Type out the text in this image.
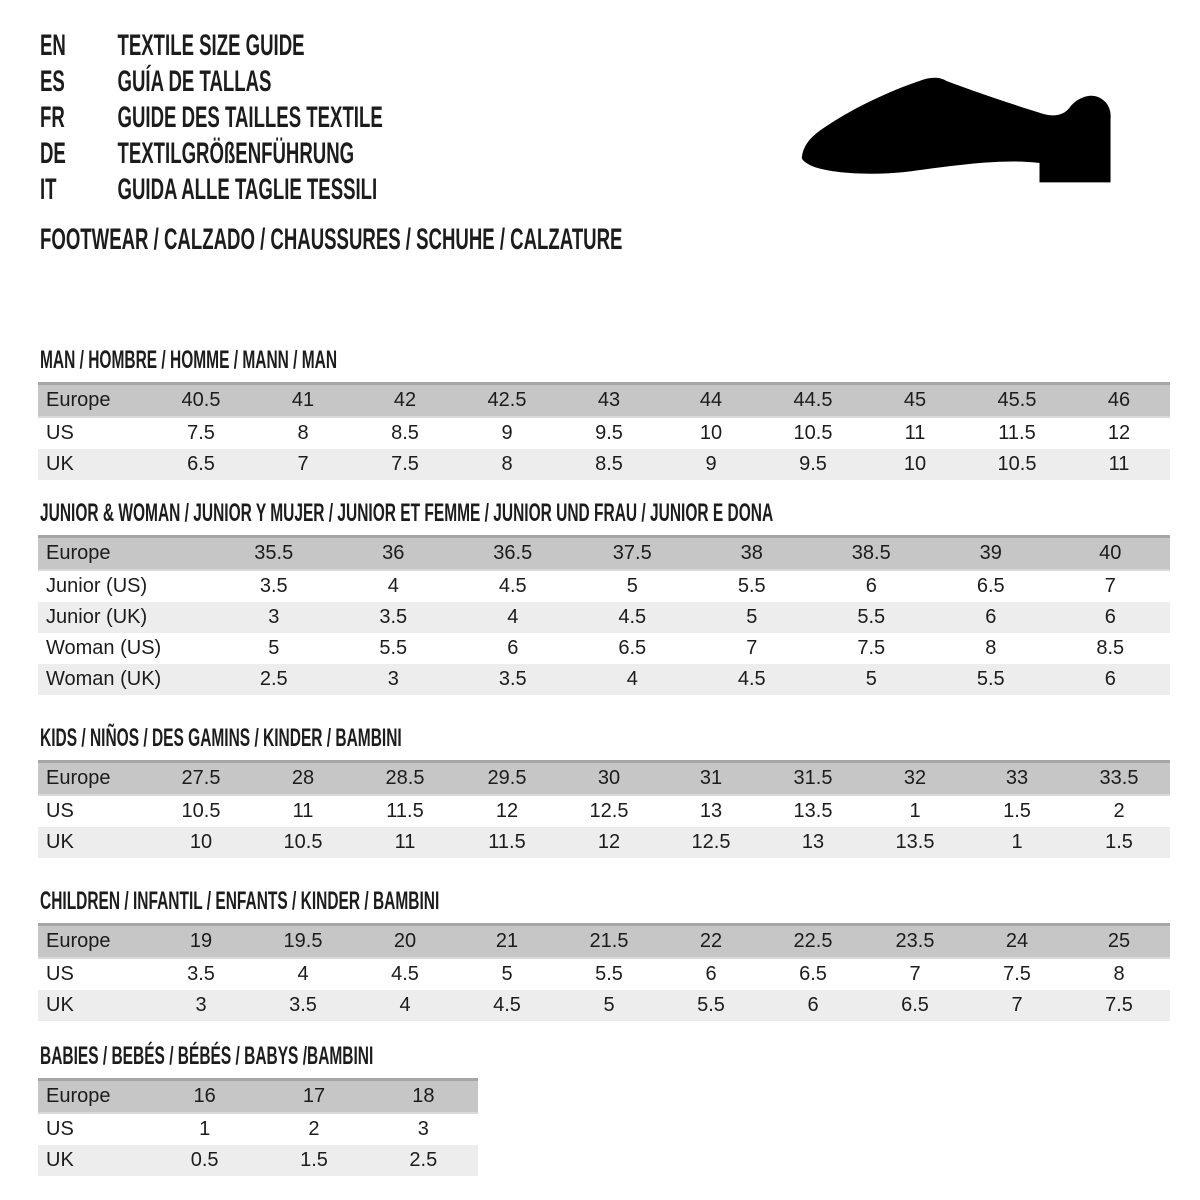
EN TEXTILE SIZE GUIDE
ES GUÍA DE TALLAS
FR GUIDE DES TAILLES TEXTILE
DE TEXTILGRÖßENFÜHRUNG
IT GUIDA ALLE TAGLIE TESSILI
FOOTWEAR / CALZADO / CHAUSSURES / SCHUHE / CALZATURE
MAN / HOMBRE / HOMME / MANN / MAN
Europe	40.5	41	42	42.5	43	44	44.5	45	45.5	46
US	7.5	8	8.5	9	9.5	10	10.5	11	11.5	12
UK	6.5	7	7.5	8	8.5	9	9.5	10	10.5	11
JUNIOR & WOMAN / JUNIOR Y MUJER / JUNIOR ET FEMME / JUNIOR UND FRAU / JUNIOR E DONA
Europe	35.5	36	36.5	37.5	38	38.5	39	40
Junior (US)	3.5	4	4.5	5	5.5	6	6.5	7
Junior (UK)	3	3.5	4	4.5	5	5.5	6	6
Woman (US)	5	5.5	6	6.5	7	7.5	8	8.5
Woman (UK)	2.5	3	3.5	4	4.5	5	5.5	6
KIDS / NIÑOS / DES GAMINS / KINDER / BAMBINI
Europe	27.5	28	28.5	29.5	30	31	31.5	32	33	33.5
US	10.5	11	11.5	12	12.5	13	13.5	1	1.5	2
UK	10	10.5	11	11.5	12	12.5	13	13.5	1	1.5
CHILDREN / INFANTIL / ENFANTS / KINDER / BAMBINI
Europe	19	19.5	20	21	21.5	22	22.5	23.5	24	25
US	3.5	4	4.5	5	5.5	6	6.5	7	7.5	8
UK	3	3.5	4	4.5	5	5.5	6	6.5	7	7.5
BABIES / BEBÉS / BÉBÉS / BABYS /BAMBINI
Europe	16	17	18
US	1	2	3
UK	0.5	1.5	2.5
